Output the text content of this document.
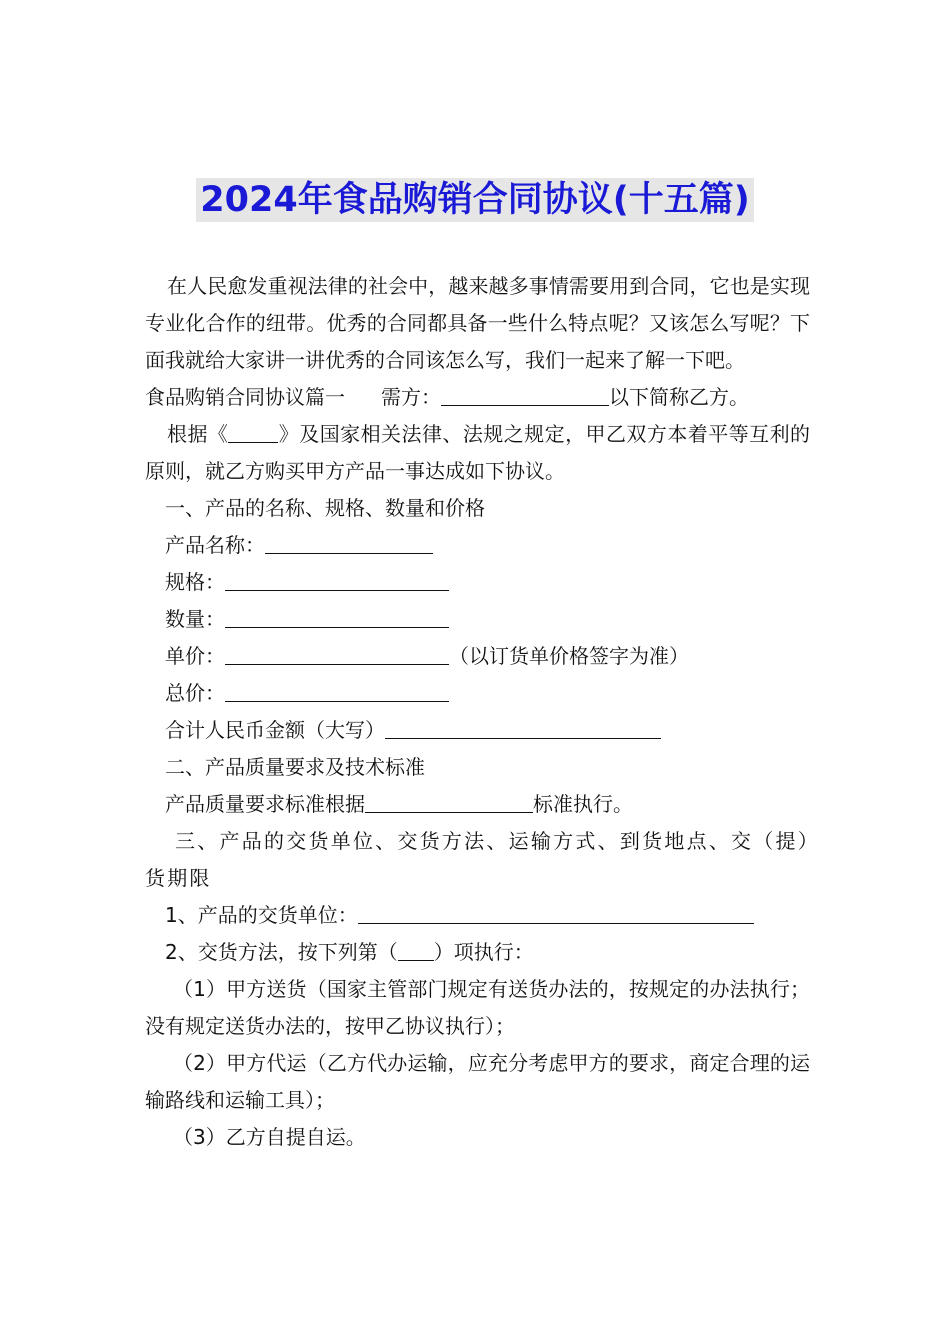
2024年食品购销合同协议(十五篇)

在人民愈发重视法律的社会中，越来越多事情需要用到合同，它也是实现专业化合作的纽带。优秀的合同都具备一些什么特点呢？又该怎么写呢？下面我就给大家讲一讲优秀的合同该怎么写，我们一起来了解一下吧。

食品购销合同协议篇一 需方：	以下简称乙方。

根据《	》及国家相关法律、法规之规定，甲乙双方本着平等互利的原则，就乙方购买甲方产品一事达成如下协议。

一、产品的名称、规格、数量和价格

产品名称：

规格：

数量：

单价：	（以订货单价格签字为准）

总价：

合计人民币金额（大写）

二、产品质量要求及技术标准

产品质量要求标准根据	标准执行。

三、产品的交货单位、交货方法、运输方式、到货地点、交（提）货期限

1、产品的交货单位：

2、交货方法，按下列第（ ）项执行：

（1）甲方送货（国家主管部门规定有送货办法的，按规定的办法执行；没有规定送货办法的，按甲乙协议执行）；

（2）甲方代运（乙方代办运输，应充分考虑甲方的要求，商定合理的运输路线和运输工具）；

（3）乙方自提自运。
